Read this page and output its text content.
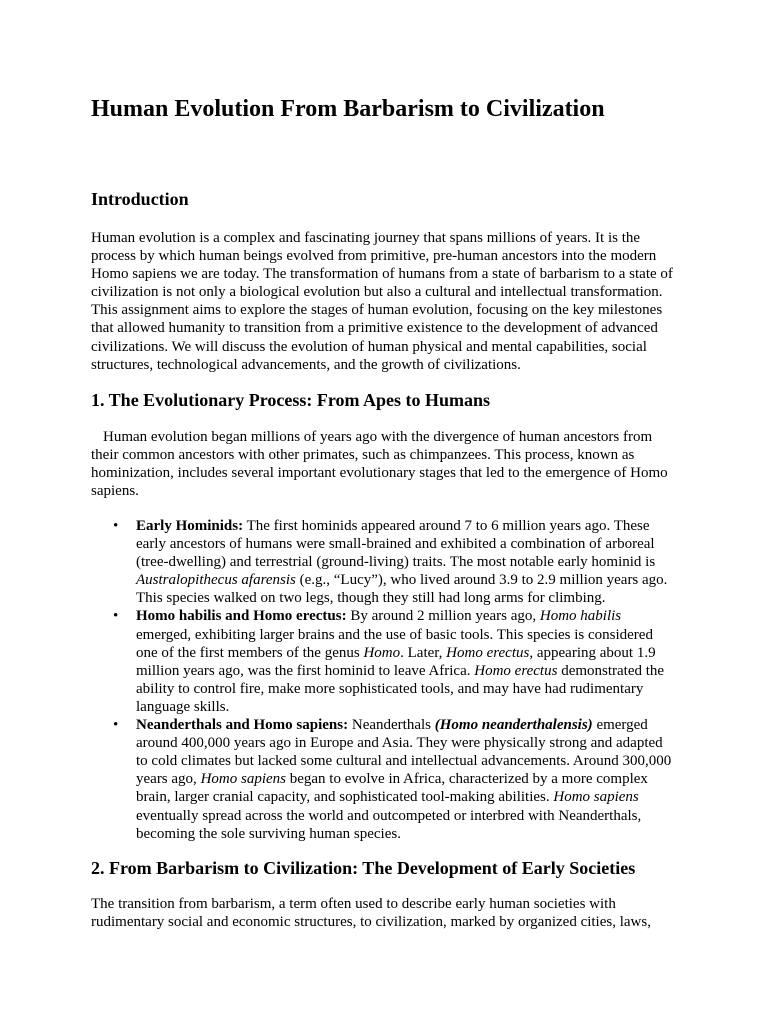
Human Evolution From Barbarism to Civilization
Introduction

Human evolution is a complex and fascinating journey that spans millions of years. It is the process by which human beings evolved from primitive, pre-human ancestors into the modern Homo sapiens we are today. The transformation of humans from a state of barbarism to a state of civilization is not only a biological evolution but also a cultural and intellectual transformation. This assignment aims to explore the stages of human evolution, focusing on the key milestones that allowed humanity to transition from a primitive existence to the development of advanced civilizations. We will discuss the evolution of human physical and mental capabilities, social structures, technological advancements, and the growth of civilizations.

1. The Evolutionary Process: From Apes to Humans

Human evolution began millions of years ago with the divergence of human ancestors from their common ancestors with other primates, such as chimpanzees. This process, known as hominization, includes several important evolutionary stages that led to the emergence of Homo sapiens.

• Early Hominids: The first hominids appeared around 7 to 6 million years ago. These early ancestors of humans were small-brained and exhibited a combination of arboreal (tree-dwelling) and terrestrial (ground-living) traits. The most notable early hominid is Australopithecus afarensis (e.g., “Lucy”), who lived around 3.9 to 2.9 million years ago. This species walked on two legs, though they still had long arms for climbing.
• Homo habilis and Homo erectus: By around 2 million years ago, Homo habilis emerged, exhibiting larger brains and the use of basic tools. This species is considered one of the first members of the genus Homo. Later, Homo erectus, appearing about 1.9 million years ago, was the first hominid to leave Africa. Homo erectus demonstrated the ability to control fire, make more sophisticated tools, and may have had rudimentary language skills.
• Neanderthals and Homo sapiens: Neanderthals (Homo neanderthalensis) emerged around 400,000 years ago in Europe and Asia. They were physically strong and adapted to cold climates but lacked some cultural and intellectual advancements. Around 300,000 years ago, Homo sapiens began to evolve in Africa, characterized by a more complex brain, larger cranial capacity, and sophisticated tool-making abilities. Homo sapiens eventually spread across the world and outcompeted or interbred with Neanderthals, becoming the sole surviving human species.
2. From Barbarism to Civilization: The Development of Early Societies

The transition from barbarism, a term often used to describe early human societies with rudimentary social and economic structures, to civilization, marked by organized cities, laws,
